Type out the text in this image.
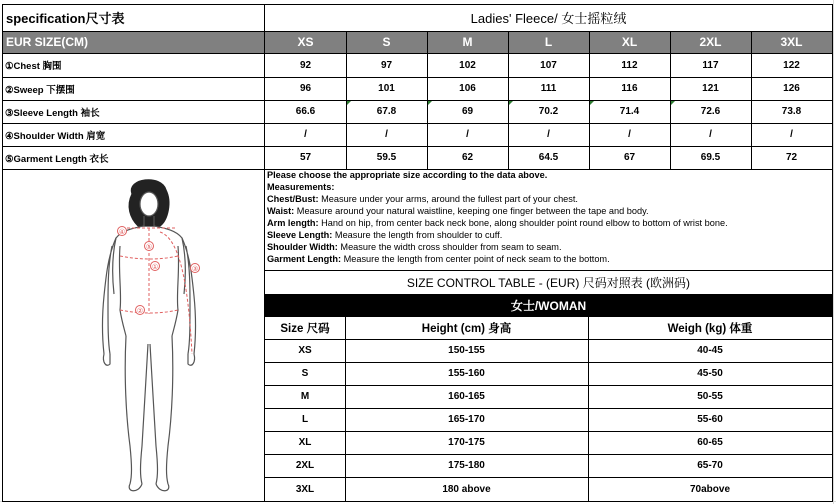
specification尺寸表	Ladies' Fleece/ 女士摇粒绒
EUR SIZE(CM)	XS	S	M	L	XL	2XL	3XL
①Chest 胸围	92	97	102	107	112	117	122
②Sweep 下摆围	96	101	106	111	116	121	126
③Sleeve Length 袖长	66.6	67.8	69	70.2	71.4	72.6	73.8
④Shoulder Width 肩宽	/	/	/	/	/	/	/
⑤Garment Length 衣长	57	59.5	62	64.5	67	69.5	72
④
①
②
③
⑤
Please choose the appropriate size according to the data above.
Measurements:
Chest/Bust: Measure under your arms, around the fullest part of your chest.
Waist: Measure around your natural waistline, keeping one finger between the tape and body.
Arm length: Hand on hip, from center back neck bone, along shoulder point round elbow to bottom of wrist bone.
Sleeve Length: Measure the length from shoulder to cuff.
Shoulder Width: Measure the width cross shoulder from seam to seam.
Garment Length: Measure the length from center point of neck seam to the bottom.
SIZE CONTROL TABLE - (EUR) 尺码对照表 (欧洲码)
女士/WOMAN
Size 尺码	Height (cm) 身高	Weigh (kg) 体重
XS	150-155	40-45
S	155-160	45-50
M	160-165	50-55
L	165-170	55-60
XL	170-175	60-65
2XL	175-180	65-70
3XL	180 above	70above
